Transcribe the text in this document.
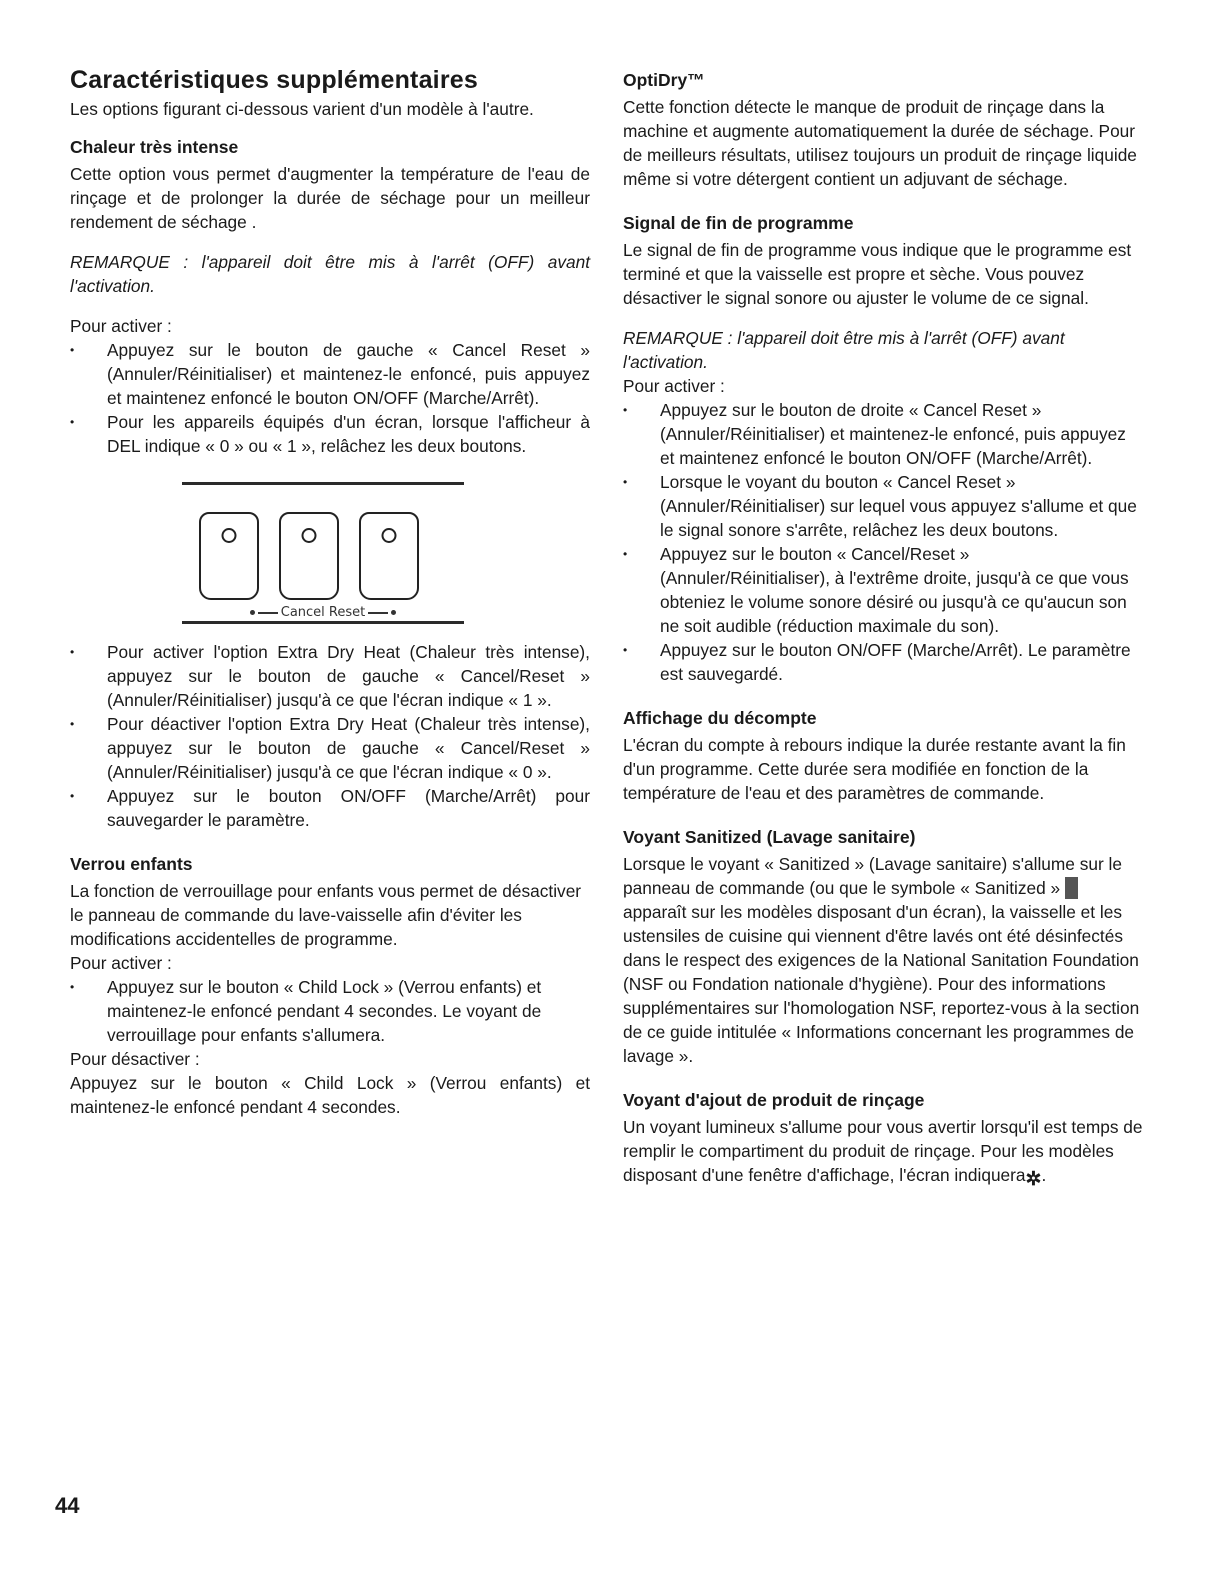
Caractéristiques supplémentaires

Les options figurant ci-dessous varient d'un modèle à l'autre.

Chaleur très intense

Cette option vous permet d'augmenter la température de l'eau de rinçage et de prolonger la durée de séchage pour un meilleur rendement de séchage .

REMARQUE : l'appareil doit être mis à l'arrêt (OFF) avant l'activation.

Pour activer :

• Appuyez sur le bouton de gauche « Cancel Reset » (Annuler/Réinitialiser) et maintenez-le enfoncé, puis appuyez et maintenez enfoncé le bouton ON/OFF (Marche/Arrêt).
• Pour les appareils équipés d'un écran, lorsque l'afficheur à DEL indique « 0 » ou « 1 », relâchez les deux boutons.
Cancel Reset
• Pour activer l'option Extra Dry Heat (Chaleur très intense), appuyez sur le bouton de gauche « Cancel/Reset » (Annuler/Réinitialiser) jusqu'à ce que l'écran indique « 1 ».
• Pour déactiver l'option Extra Dry Heat (Chaleur très intense), appuyez sur le bouton de gauche « Cancel/Reset » (Annuler/Réinitialiser) jusqu'à ce que l'écran indique « 0 ».
• Appuyez sur le bouton ON/OFF (Marche/Arrêt) pour sauvegarder le paramètre.
Verrou enfants

La fonction de verrouillage pour enfants vous permet de désactiver le panneau de commande du lave-vaisselle afin d'éviter les modifications accidentelles de programme.

Pour activer :

• Appuyez sur le bouton « Child Lock » (Verrou enfants) et maintenez-le enfoncé pendant 4 secondes. Le voyant de verrouillage pour enfants s'allumera.

Pour désactiver :

Appuyez sur le bouton « Child Lock » (Verrou enfants) et maintenez-le enfoncé pendant 4 secondes.

OptiDry™

Cette fonction détecte le manque de produit de rinçage dans la machine et augmente automatiquement la durée de séchage. Pour de meilleurs résultats, utilisez toujours un produit de rinçage liquide même si votre détergent contient un adjuvant de séchage.

Signal de fin de programme

Le signal de fin de programme vous indique que le programme est terminé et que la vaisselle est propre et sèche. Vous pouvez désactiver le signal sonore ou ajuster le volume de ce signal.

REMARQUE : l'appareil doit être mis à l'arrêt (OFF) avant l'activation.

Pour activer :

• Appuyez sur le bouton de droite « Cancel Reset » (Annuler/Réinitialiser) et maintenez-le enfoncé, puis appuyez et maintenez enfoncé le bouton ON/OFF (Marche/Arrêt).
• Lorsque le voyant du bouton « Cancel Reset » (Annuler/Réinitialiser) sur lequel vous appuyez s'allume et que le signal sonore s'arrête, relâchez les deux boutons.
• Appuyez sur le bouton « Cancel/Reset » (Annuler/Réinitialiser), à l'extrême droite, jusqu'à ce que vous obteniez le volume sonore désiré ou jusqu'à ce qu'aucun son ne soit audible (réduction maximale du son).
• Appuyez sur le bouton ON/OFF (Marche/Arrêt). Le paramètre est sauvegardé.
Affichage du décompte

L'écran du compte à rebours indique la durée restante avant la fin d'un programme. Cette durée sera modifiée en fonction de la température de l'eau et des paramètres de commande.

Voyant Sanitized (Lavage sanitaire)

Lorsque le voyant « Sanitized » (Lavage sanitaire) s'allume sur le panneau de commande (ou que le symbole « Sanitized » apparaît sur les modèles disposant d'un écran), la vaisselle et les ustensiles de cuisine qui viennent d'être lavés ont été désinfectés dans le respect des exigences de la National Sanitation Foundation (NSF ou Fondation nationale d'hygiène). Pour des informations supplémentaires sur l'homologation NSF, reportez-vous à la section de ce guide intitulée « Informations concernant les programmes de lavage ».

Voyant d'ajout de produit de rinçage

Un voyant lumineux s'allume pour vous avertir lorsqu'il est temps de remplir le compartiment du produit de rinçage. Pour les modèles disposant d'une fenêtre d'affichage, l'écran indiquera✲.

44
